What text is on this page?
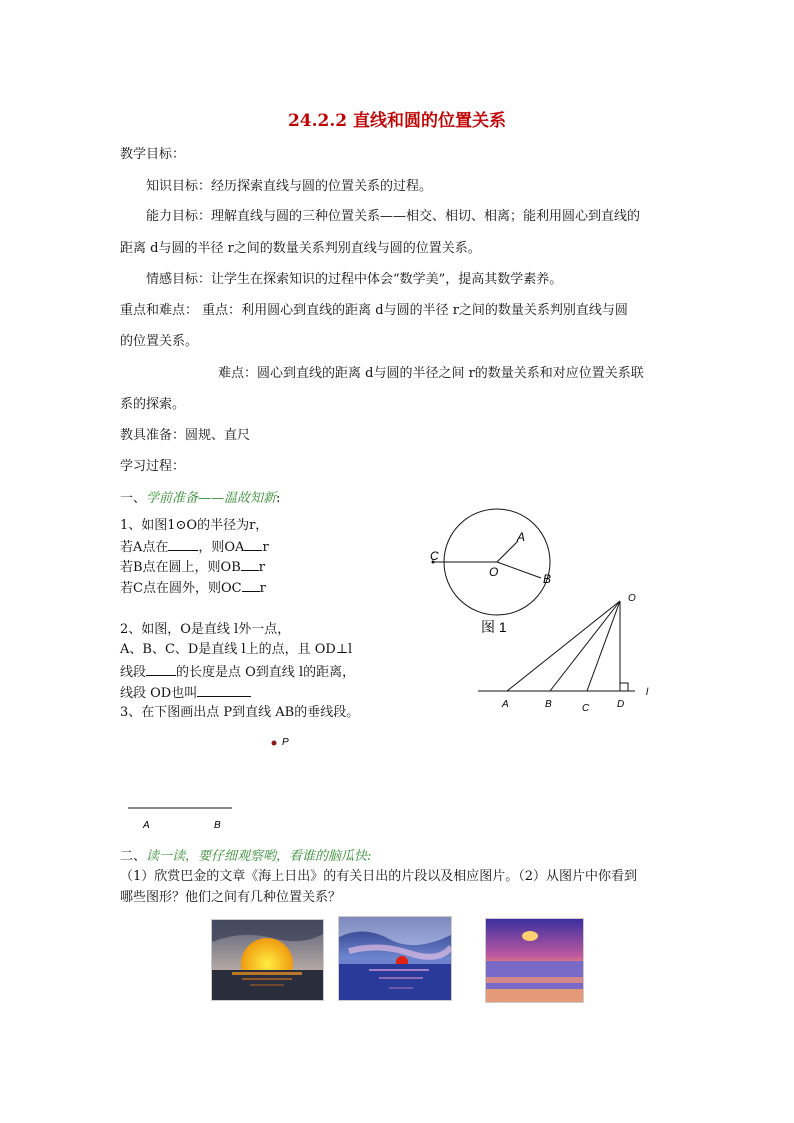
24.2.2 直线和圆的位置关系
教学目标：
知识目标：经历探索直线与圆的位置关系的过程。
能力目标：理解直线与圆的三种位置关系——相交、相切、相离；能利用圆心到直线的
距离 d与圆的半径 r之间的数量关系判别直线与圆的位置关系。
情感目标：让学生在探索知识的过程中体会“数学美”，提高其数学素养。
重点和难点： 重点：利用圆心到直线的距离 d与圆的半径 r之间的数量关系判别直线与圆
的位置关系。
难点：圆心到直线的距离 d与圆的半径之间 r的数量关系和对应位置关系联
系的探索。
教具准备：圆规、直尺
学习过程：
一、学前准备——温故知新:
1、如图1⊙O的半径为r，
若A点在 ，则OA r
若B点在圆上，则OB r
若C点在圆外，则OC r
2、如图，O是直线 l外一点，
A、B、C、D是直线 l上的点，且 OD⊥l
线段 的长度是点 O到直线 l的距离，
线段 OD也叫
3、在下图画出点 P到直线 AB的垂线段。
C
A
O	B
图 1
O
A	B	C	D
l
P
A	B
二、读一读，要仔细观察哟，看谁的脑瓜快:
（1）欣赏巴金的文章《海上日出》的有关日出的片段以及相应图片。（2）从图片中你看到
哪些图形？他们之间有几种位置关系？
